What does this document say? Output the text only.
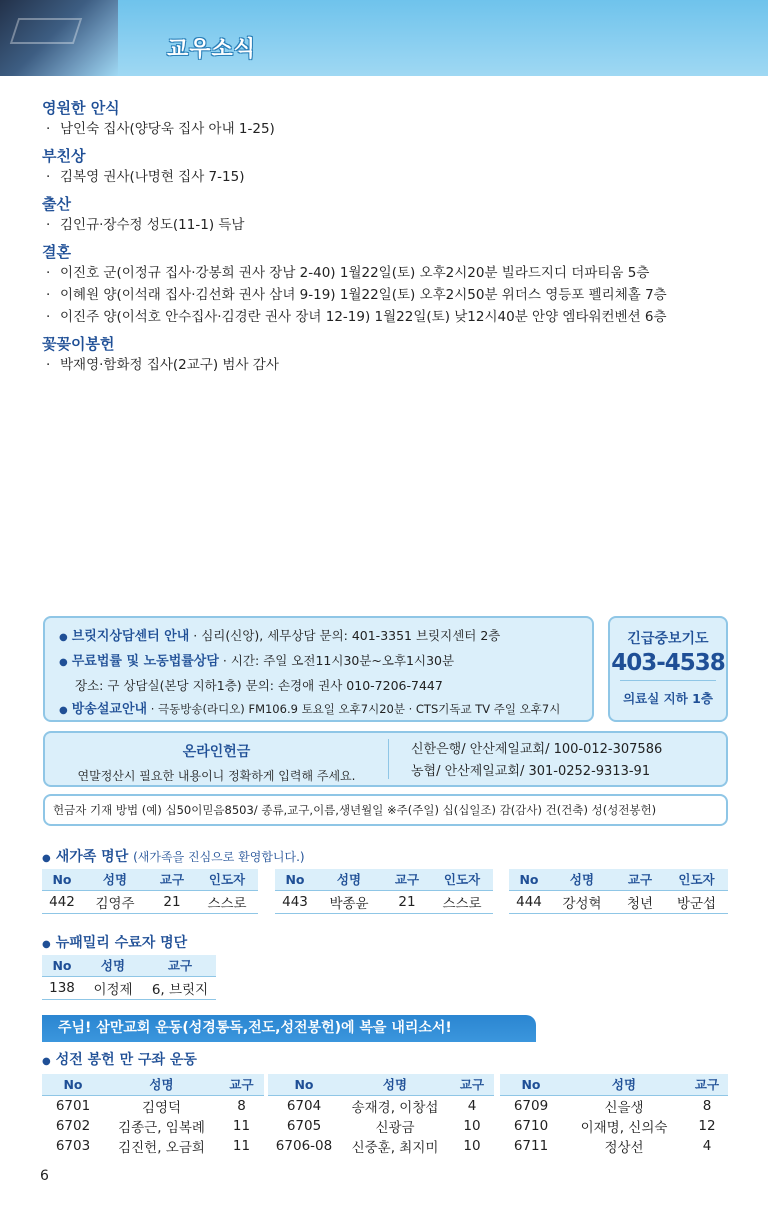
교우소식
영원한 안식
· 남인숙 집사(양당욱 집사 아내 1-25)
부친상
· 김복영 권사(나명현 집사 7-15)
출산
· 김인규·장수정 성도(11-1) 득남
결혼
· 이진호 군(이정규 집사·강봉희 권사 장남 2-40) 1월22일(토) 오후2시20분 빌라드지디 더파티움 5층
· 이혜원 양(이석래 집사·김선화 권사 삼녀 9-19) 1월22일(토) 오후2시50분 위더스 영등포 펠리체홀 7층
· 이진주 양(이석호 안수집사·김경란 권사 장녀 12-19) 1월22일(토) 낮12시40분 안양 엠타워컨벤션 6층
꽃꽂이봉헌
· 박재영·함화정 집사(2교구) 범사 감사
● 브릿지상담센터 안내 · 심리(신앙), 세무상담 문의: 401-3351 브릿지센터 2층
● 무료법률 및 노동법률상담 · 시간: 주일 오전11시30분~오후1시30분
장소: 구 상담실(본당 지하1층) 문의: 손경애 권사 010-7206-7447
● 방송설교안내 · 극동방송(라디오) FM106.9 토요일 오후7시20분 · CTS기독교 TV 주일 오후7시
긴급중보기도
403-4538
의료실 지하 1층
온라인헌금
연말정산시 필요한 내용이니 정확하게 입력해 주세요.
신한은행/ 안산제일교회/ 100-012-307586
농협/ 안산제일교회/ 301-0252-9313-91
헌금자 기재 방법 (예) 십50이믿음8503/ 종류,교구,이름,생년월일 ※주(주일) 십(십일조) 감(감사) 건(건축) 성(성전봉헌)
● 새가족 명단 (새가족을 진심으로 환영합니다.)
No	성명	교구	인도자
442	김영주	21	스스로
No	성명	교구	인도자
443	박종윤	21	스스로
No	성명	교구	인도자
444	강성혁	청년	방군섭
● 뉴패밀리 수료자 명단
No	성명	교구
138	이정제	6, 브릿지
주님! 삼만교회 운동(성경통독,전도,성전봉헌)에 복을 내리소서!
● 성전 봉헌 만 구좌 운동
No	성명	교구
6701	김영덕	8
6702	김종근, 임복례	11
6703	김진헌, 오금희	11
No	성명	교구
6704	송재경, 이창섭	4
6705	신광금	10
6706-08	신중훈, 최지미	10
No	성명	교구
6709	신을생	8
6710	이재명, 신의숙	12
6711	정상선	4
6
